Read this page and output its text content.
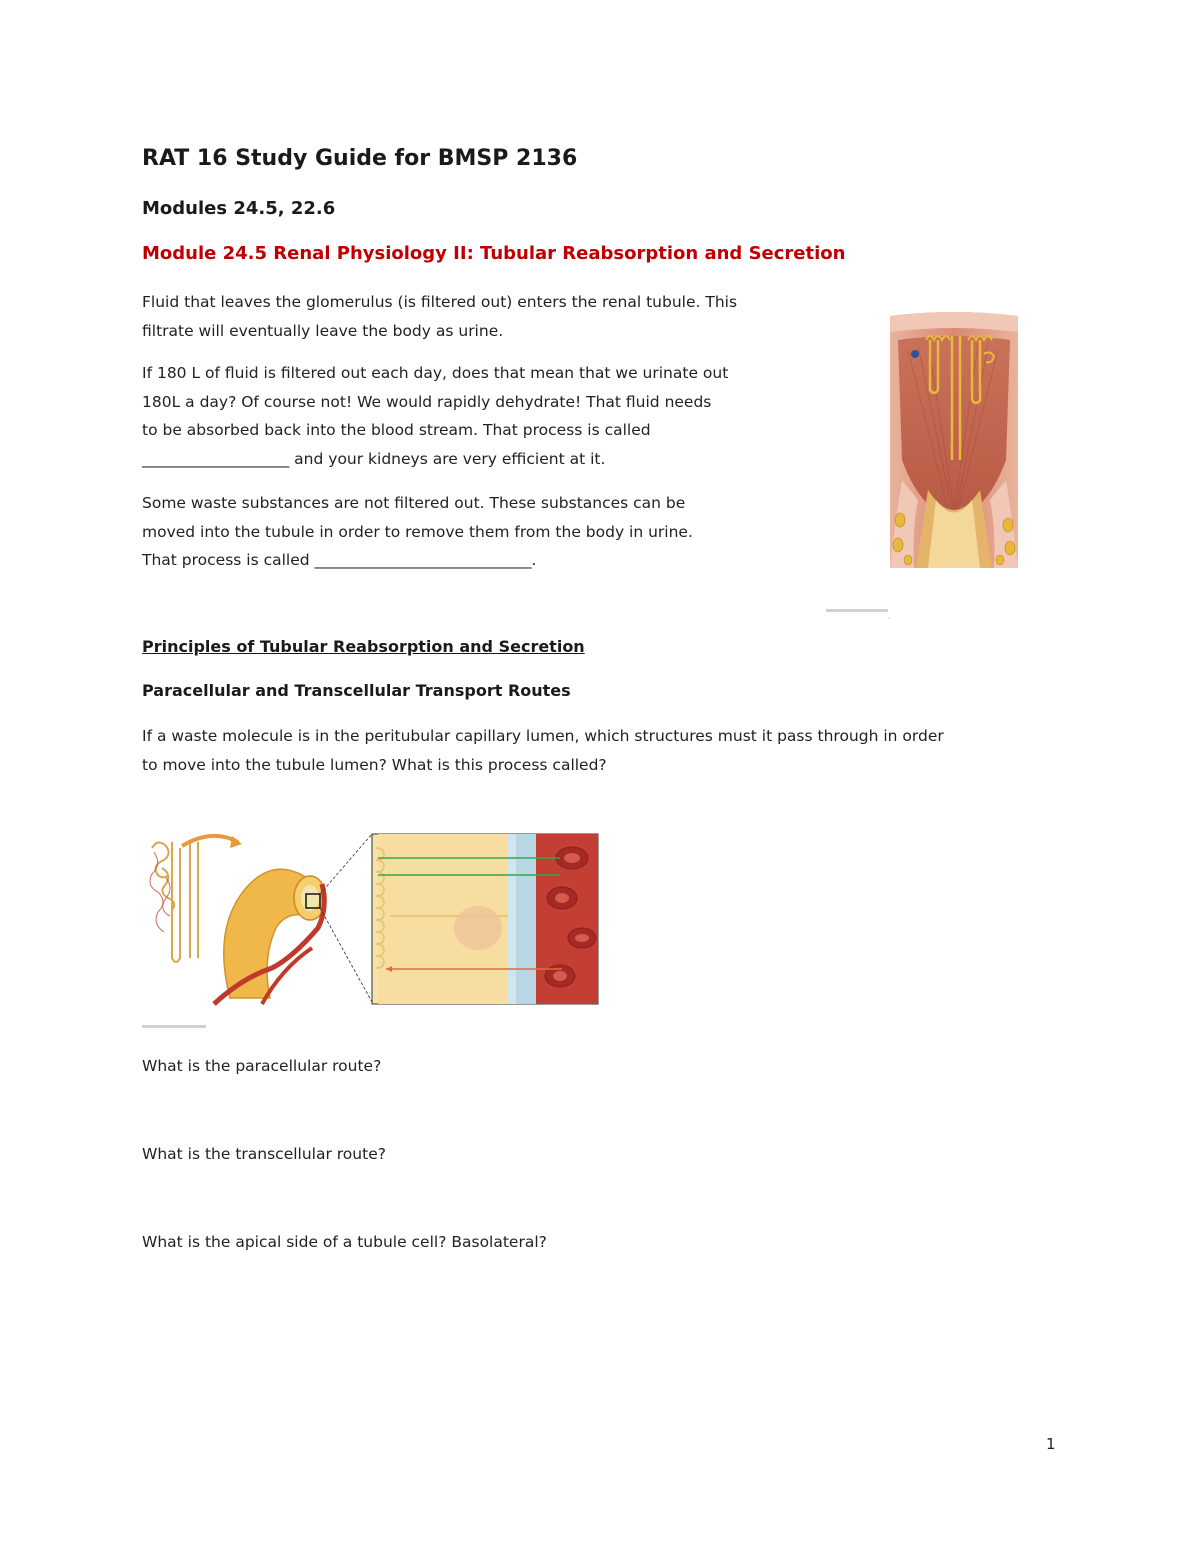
RAT 16 Study Guide for BMSP 2136
Modules 24.5, 22.6
Module 24.5 Renal Physiology II: Tubular Reabsorption and Secretion

Fluid that leaves the glomerulus (is filtered out) enters the renal tubule. This

filtrate will eventually leave the body as urine.

If 180 L of fluid is filtered out each day, does that mean that we urinate out

180L a day? Of course not! We would rapidly dehydrate! That fluid needs

to be absorbed back into the blood stream. That process is called

___________________ and your kidneys are very efficient at it.

Some waste substances are not filtered out. These substances can be

moved into the tubule in order to remove them from the body in urine.

That process is called ____________________________.

c
Principles of Tubular Reabsorption and Secretion
Paracellular and Transcellular Transport Routes

If a waste molecule is in the peritubular capillary lumen, which structures must it pass through in order

to move into the tubule lumen? What is this process called?

What is the paracellular route?
What is the transcellular route?
What is the apical side of a tubule cell? Basolateral?
1
